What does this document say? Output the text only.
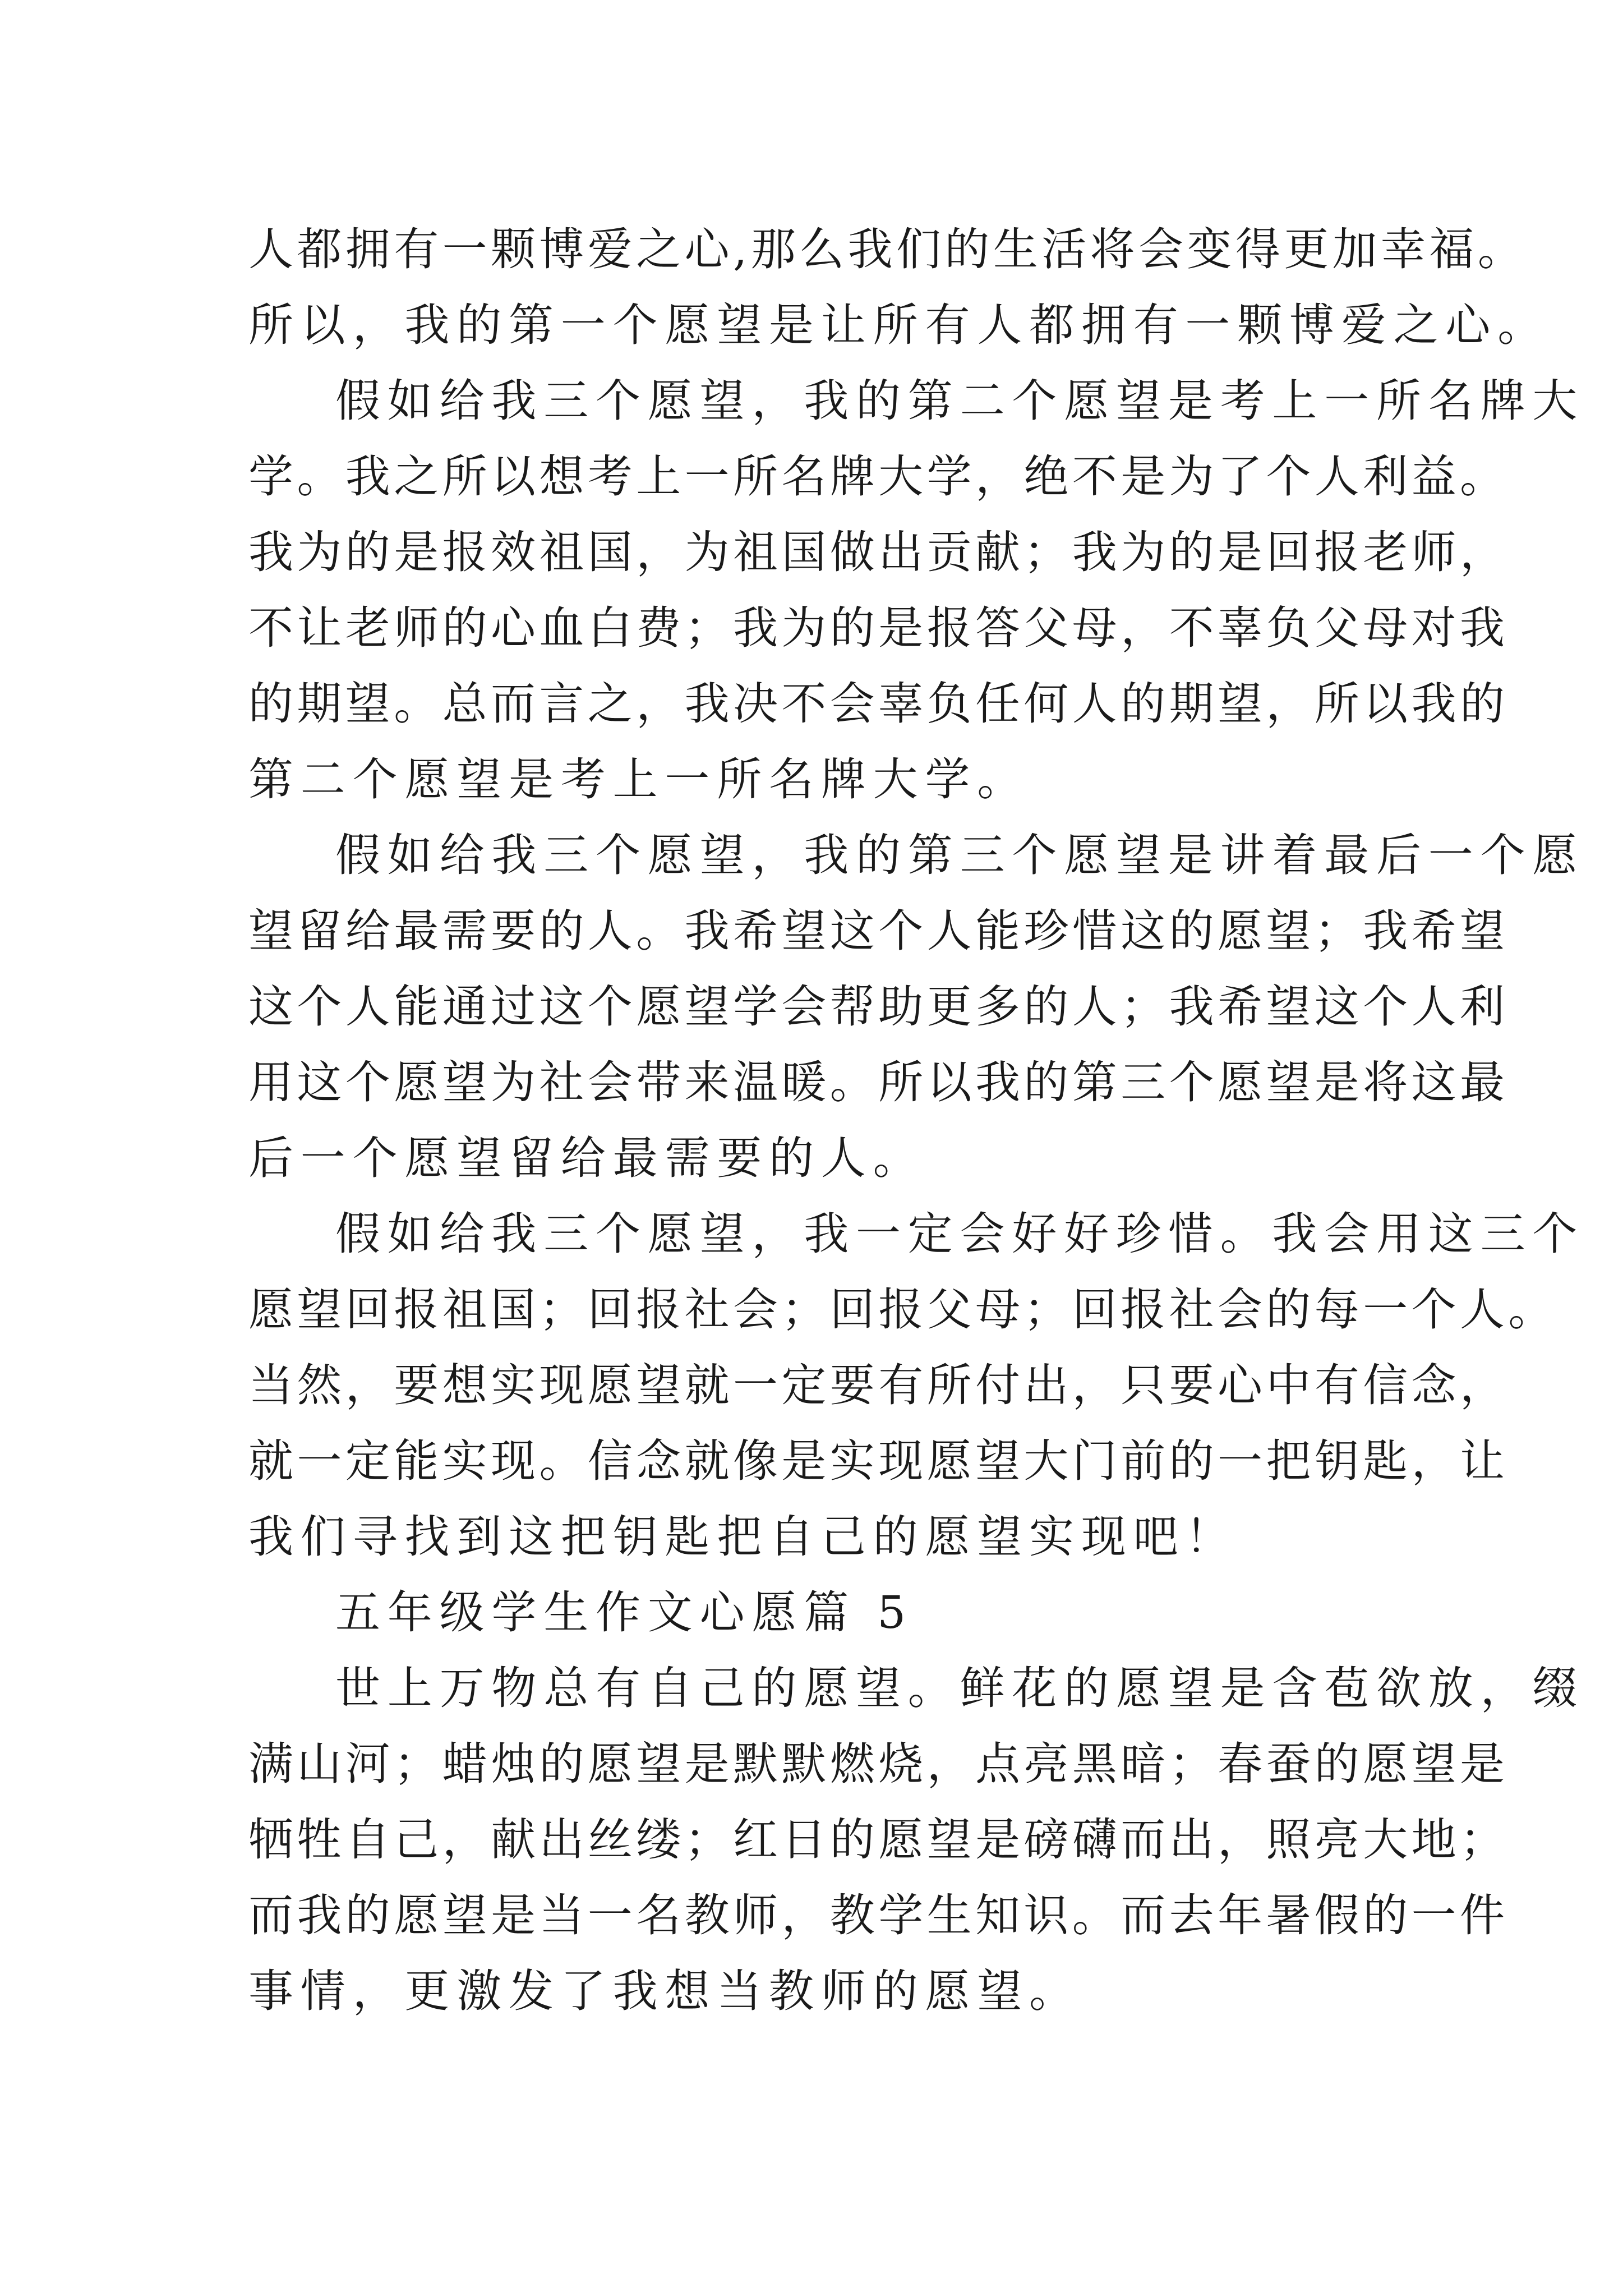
人都拥有一颗博爱之心,那么我们的生活将会变得更加幸福。

所以，我的第一个愿望是让所有人都拥有一颗博爱之心。

假如给我三个愿望，我的第二个愿望是考上一所名牌大

学。我之所以想考上一所名牌大学，绝不是为了个人利益。

我为的是报效祖国，为祖国做出贡献；我为的是回报老师，

不让老师的心血白费；我为的是报答父母，不辜负父母对我

的期望。总而言之，我决不会辜负任何人的期望，所以我的

第二个愿望是考上一所名牌大学。

假如给我三个愿望，我的第三个愿望是讲着最后一个愿

望留给最需要的人。我希望这个人能珍惜这的愿望；我希望

这个人能通过这个愿望学会帮助更多的人；我希望这个人利

用这个愿望为社会带来温暖。所以我的第三个愿望是将这最

后一个愿望留给最需要的人。

假如给我三个愿望，我一定会好好珍惜。我会用这三个

愿望回报祖国；回报社会；回报父母；回报社会的每一个人。

当然，要想实现愿望就一定要有所付出，只要心中有信念，

就一定能实现。信念就像是实现愿望大门前的一把钥匙，让

我们寻找到这把钥匙把自己的愿望实现吧！

五年级学生作文心愿篇 5

世上万物总有自己的愿望。鲜花的愿望是含苞欲放，缀

满山河；蜡烛的愿望是默默燃烧，点亮黑暗；春蚕的愿望是

牺牲自己，献出丝缕；红日的愿望是磅礴而出，照亮大地；

而我的愿望是当一名教师，教学生知识。而去年暑假的一件

事情，更激发了我想当教师的愿望。
